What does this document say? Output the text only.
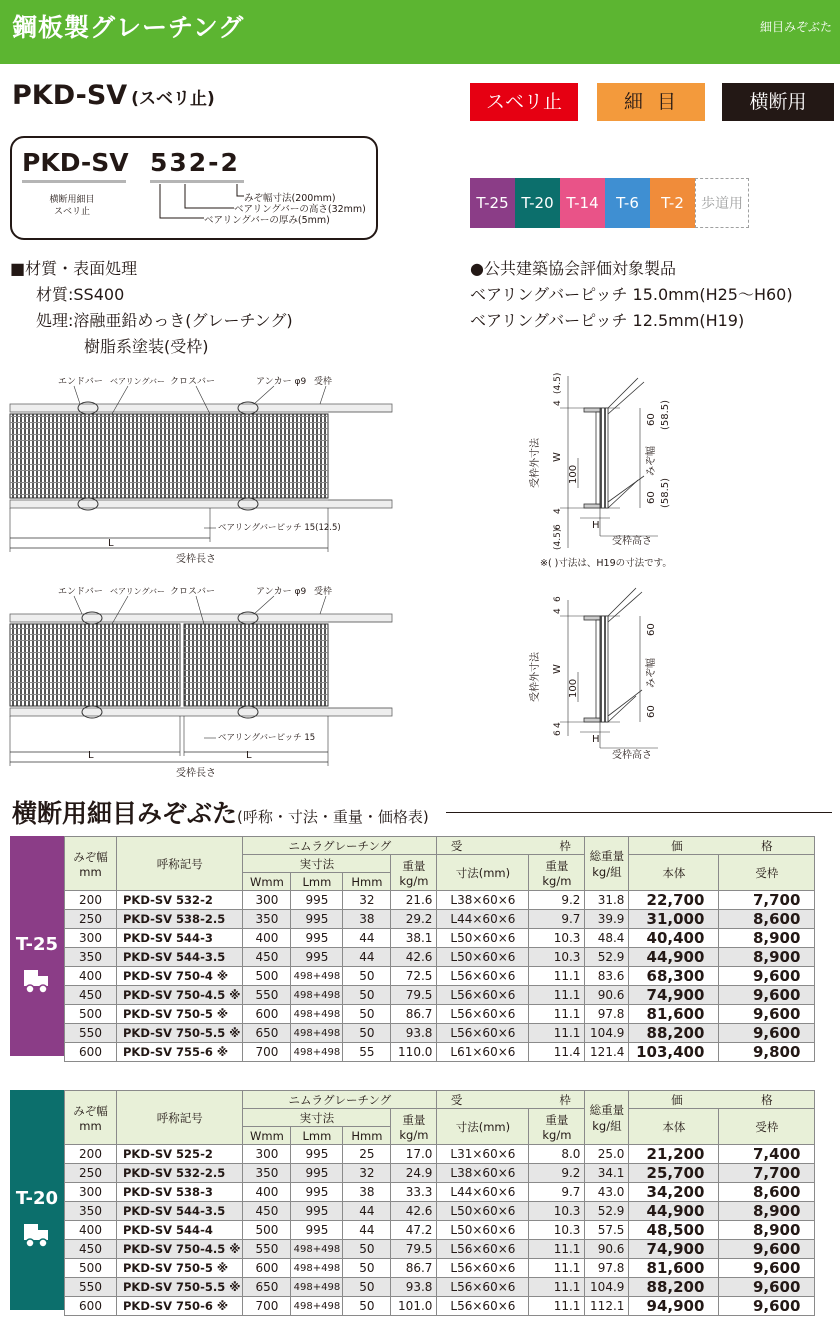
鋼板製グレーチング	細目みぞぶた
PKD-SV (スベリ止)	スベリ止	細目	横断用
PKD-SV 532-2
横断用細目
スベリ止
みぞ幅寸法(200mm)
ベアリングバーの高さ(32mm)
ベアリングバーの厚み(5mm)
T-25 T-20 T-14	T-6	T-2	歩道用
■材質・表面処理
材質:SS400
処理:溶融亜鉛めっき(グレーチング)
樹脂系塗装(受枠)
●公共建築協会評価対象製品
ベアリングバーピッチ 15.0mm(H25〜H60)
ベアリングバーピッチ 12.5mm(H19)
エンドバー ベアリングバー クロスバー	アンカー φ9 受枠
ベアリングバーピッチ 15(12.5)
L
受枠長さ
エンドバー ベアリングバー クロスバー	アンカー φ9 受枠
ベアリングバーピッチ 15
L	L
受枠長さ
受枠外寸法 W
100
4
(4.5)
4
6
(4.5)
60 (58.5)
みぞ幅
60 (58.5)
H
受枠高さ
※( )寸法は、H19の寸法です。
受枠外寸法 W
100
4
6
4
6
60
みぞ幅
60
H
受枠高さ
横断用細目みぞぶた(呼称・寸法・重量・価格表)
T-25
みぞ幅
mm	呼称記号	ニムラグレーチング				受 枠		総重量
kg/組	価 格	
		実寸法			重量
kg/m	寸法(mm)	重量
kg/m		本体	受枠
		Wmm	Lmm	Hmm						
200	PKD-SV 532-2	300	995	32	21.6	L38×60×6	9.2	31.8	22,700	7,700
250	PKD-SV 538-2.5	350	995	38	29.2	L44×60×6	9.7	39.9	31,000	8,600
300	PKD-SV 544-3	400	995	44	38.1	L50×60×6	10.3	48.4	40,400	8,900
350	PKD-SV 544-3.5	450	995	44	42.6	L50×60×6	10.3	52.9	44,900	8,900
400	PKD-SV 750-4 ※	500	498+498	50	72.5	L56×60×6	11.1	83.6	68,300	9,600
450	PKD-SV 750-4.5 ※	550	498+498	50	79.5	L56×60×6	11.1	90.6	74,900	9,600
500	PKD-SV 750-5 ※	600	498+498	50	86.7	L56×60×6	11.1	97.8	81,600	9,600
550	PKD-SV 750-5.5 ※	650	498+498	50	93.8	L56×60×6	11.1	104.9	88,200	9,600
600	PKD-SV 755-6 ※	700	498+498	55	110.0	L61×60×6	11.4	121.4	103,400	9,800
T-20
みぞ幅
mm	呼称記号	ニムラグレーチング				受 枠		総重量
kg/組	価 格	
		実寸法			重量
kg/m	寸法(mm)	重量
kg/m		本体	受枠
		Wmm	Lmm	Hmm						
200	PKD-SV 525-2	300	995	25	17.0	L31×60×6	8.0	25.0	21,200	7,400
250	PKD-SV 532-2.5	350	995	32	24.9	L38×60×6	9.2	34.1	25,700	7,700
300	PKD-SV 538-3	400	995	38	33.3	L44×60×6	9.7	43.0	34,200	8,600
350	PKD-SV 544-3.5	450	995	44	42.6	L50×60×6	10.3	52.9	44,900	8,900
400	PKD-SV 544-4	500	995	44	47.2	L50×60×6	10.3	57.5	48,500	8,900
450	PKD-SV 750-4.5 ※	550	498+498	50	79.5	L56×60×6	11.1	90.6	74,900	9,600
500	PKD-SV 750-5 ※	600	498+498	50	86.7	L56×60×6	11.1	97.8	81,600	9,600
550	PKD-SV 750-5.5 ※	650	498+498	50	93.8	L56×60×6	11.1	104.9	88,200	9,600
600	PKD-SV 750-6 ※	700	498+498	50	101.0	L56×60×6	11.1	112.1	94,900	9,600
